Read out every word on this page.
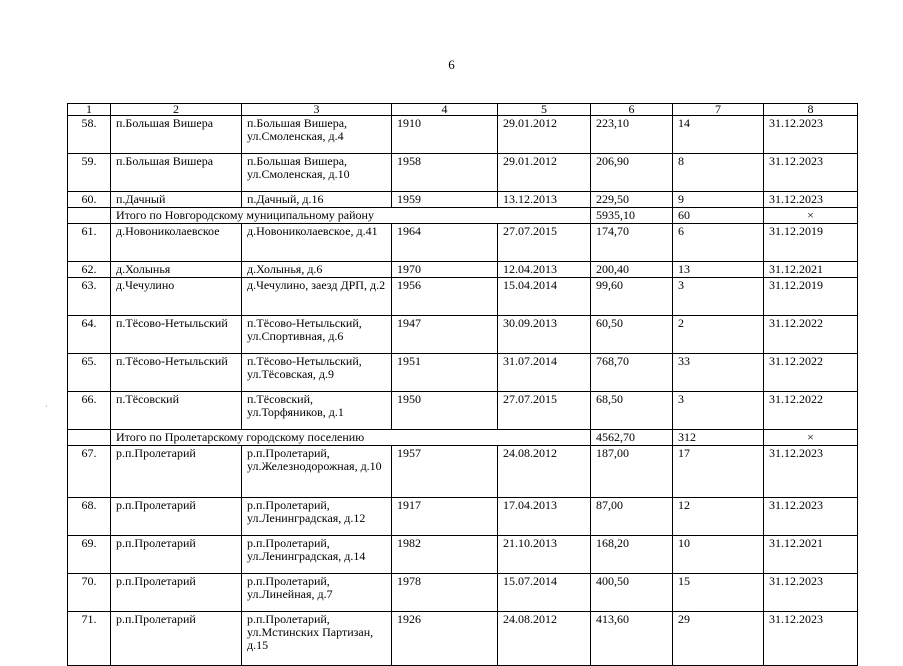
6
·
1	2	3	4	5	6	7	8
58.	п.Большая Вишера	п.Большая Вишера, ул.Смоленская, д.4	1910	29.01.2012	223,10	14	31.12.2023
59.	п.Большая Вишера	п.Большая Вишера, ул.Смоленская, д.10	1958	29.01.2012	206,90	8	31.12.2023
60.	п.Дачный	п.Дачный, д.16	1959	13.12.2013	229,50	9	31.12.2023
	Итого по Новгородскому муниципальному району				5935,10	60	×
61.	д.Новониколаевское	д.Новониколаевское, д.41	1964	27.07.2015	174,70	6	31.12.2019
62.	д.Холынья	д.Холынья, д.6	1970	12.04.2013	200,40	13	31.12.2021
63.	д.Чечулино	д.Чечулино, заезд ДРП, д.2	1956	15.04.2014	99,60	3	31.12.2019
64.	п.Тёсово-Нетыльский	п.Тёсово-Нетыльский, ул.Спортивная, д.6	1947	30.09.2013	60,50	2	31.12.2022
65.	п.Тёсово-Нетыльский	п.Тёсово-Нетыльский, ул.Тёсовская, д.9	1951	31.07.2014	768,70	33	31.12.2022
66.	п.Тёсовский	п.Тёсовский, ул.Торфяников, д.1	1950	27.07.2015	68,50	3	31.12.2022
	Итого по Пролетарскому городскому поселению				4562,70	312	×
67.	р.п.Пролетарий	р.п.Пролетарий, ул.Железнодорожная, д.10	1957	24.08.2012	187,00	17	31.12.2023
68.	р.п.Пролетарий	р.п.Пролетарий, ул.Ленинградская, д.12	1917	17.04.2013	87,00	12	31.12.2023
69.	р.п.Пролетарий	р.п.Пролетарий, ул.Ленинградская, д.14	1982	21.10.2013	168,20	10	31.12.2021
70.	р.п.Пролетарий	р.п.Пролетарий, ул.Линейная, д.7	1978	15.07.2014	400,50	15	31.12.2023
71.	р.п.Пролетарий	р.п.Пролетарий, ул.Мстинских Партизан, д.15	1926	24.08.2012	413,60	29	31.12.2023
